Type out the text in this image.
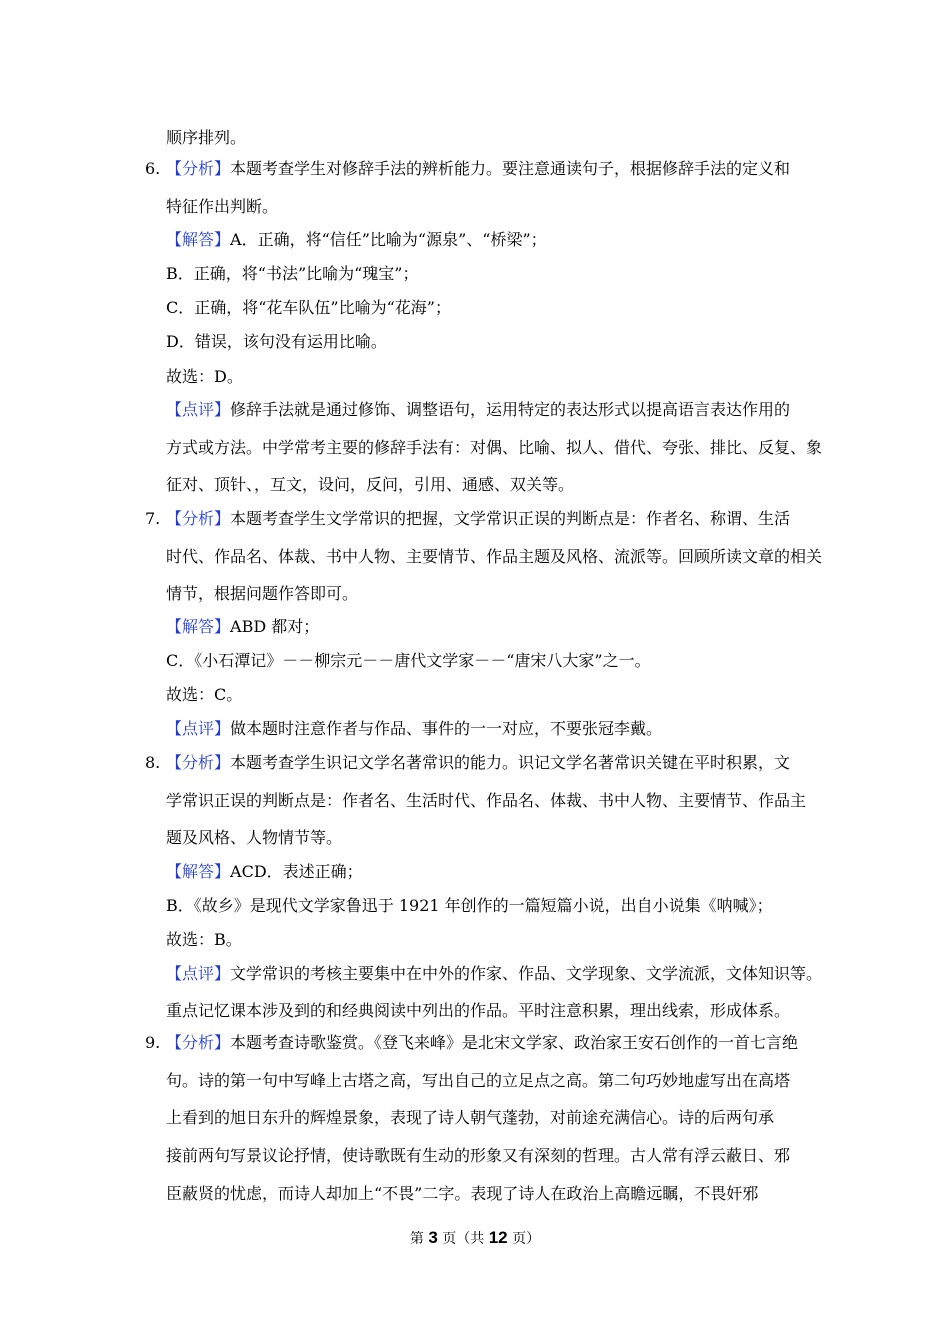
顺序排列。
6. 【分析】本题考查学生对修辞手法的辨析能力。要注意通读句子，根据修辞手法的定义和
特征作出判断。
【解答】A．正确，将“信任”比喻为“源泉”、“桥梁”；
B．正确，将“书法”比喻为“瑰宝”；
C．正确，将“花车队伍”比喻为“花海”；
D．错误，该句没有运用比喻。
故选：D。
【点评】修辞手法就是通过修饰、调整语句，运用特定的表达形式以提高语言表达作用的
方式或方法。中学常考主要的修辞手法有：对偶、比喻、拟人、借代、夸张、排比、反复、象
征对、顶针、，互文，设问，反问，引用、通感、双关等。
7. 【分析】本题考查学生文学常识的把握，文学常识正误的判断点是：作者名、称谓、生活
时代、作品名、体裁、书中人物、主要情节、作品主题及风格、流派等。回顾所读文章的相关
情节，根据问题作答即可。
【解答】ABD 都对；
C．《小石潭记》－－柳宗元－－唐代文学家－－“唐宋八大家”之一。
故选：C。
【点评】做本题时注意作者与作品、事件的一一对应，不要张冠李戴。
8. 【分析】本题考查学生识记文学名著常识的能力。识记文学名著常识关键在平时积累，文
学常识正误的判断点是：作者名、生活时代、作品名、体裁、书中人物、主要情节、作品主
题及风格、人物情节等。
【解答】ACD．表述正确；
B．《故乡》是现代文学家鲁迅于 1921 年创作的一篇短篇小说，出自小说集《呐喊》；
故选：B。
【点评】文学常识的考核主要集中在中外的作家、作品、文学现象、文学流派，文体知识等。
重点记忆课本涉及到的和经典阅读中列出的作品。平时注意积累，理出线索，形成体系。
9. 【分析】本题考查诗歌鉴赏。《登飞来峰》是北宋文学家、政治家王安石创作的一首七言绝
句。诗的第一句中写峰上古塔之高，写出自己的立足点之高。第二句巧妙地虚写出在高塔
上看到的旭日东升的辉煌景象，表现了诗人朝气蓬勃，对前途充满信心。诗的后两句承
接前两句写景议论抒情，使诗歌既有生动的形象又有深刻的哲理。古人常有浮云蔽日、邪
臣蔽贤的忧虑，而诗人却加上“不畏”二字。表现了诗人在政治上高瞻远瞩，不畏奸邪
第 3 页（共 12 页）
